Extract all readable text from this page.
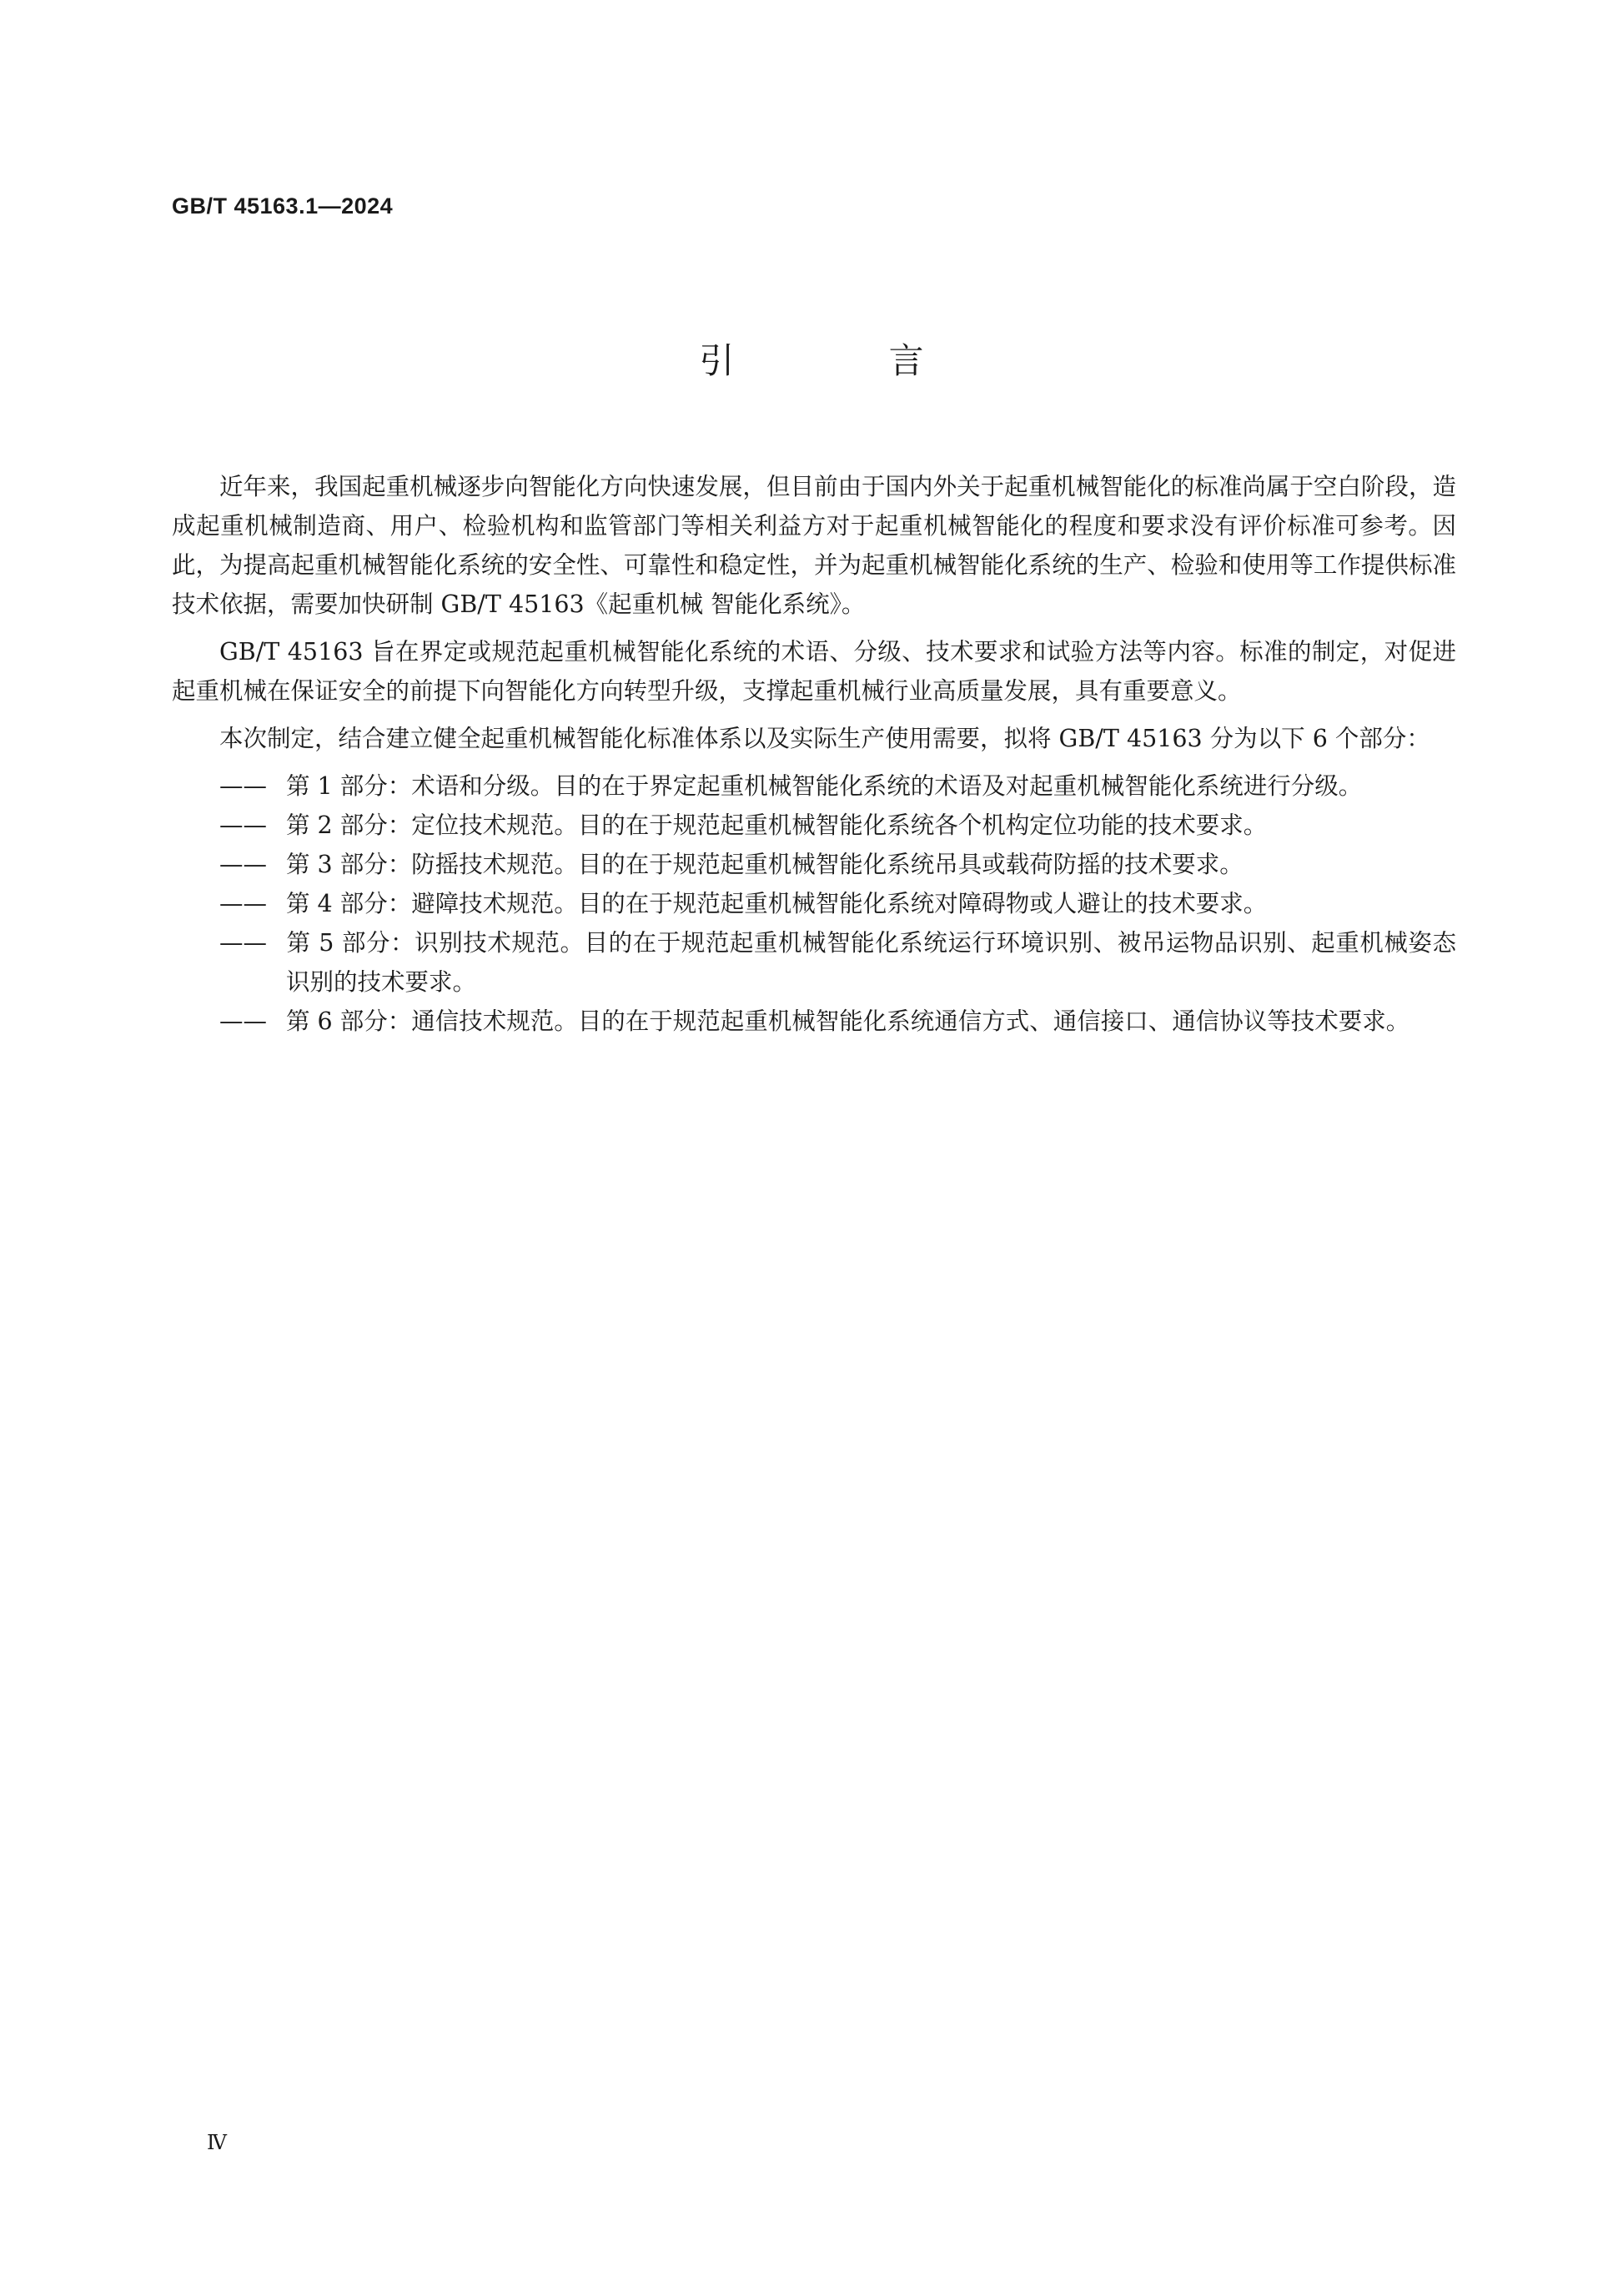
GB/T 45163.1—2024
引 言

近年来，我国起重机械逐步向智能化方向快速发展，但目前由于国内外关于起重机械智能化的标准尚属于空白阶段，造成起重机械制造商、用户、检验机构和监管部门等相关利益方对于起重机械智能化的程度和要求没有评价标准可参考。因此，为提高起重机械智能化系统的安全性、可靠性和稳定性，并为起重机械智能化系统的生产、检验和使用等工作提供标准技术依据，需要加快研制 GB/T 45163《起重机械 智能化系统》。

GB/T 45163 旨在界定或规范起重机械智能化系统的术语、分级、技术要求和试验方法等内容。标准的制定，对促进起重机械在保证安全的前提下向智能化方向转型升级，支撑起重机械行业高质量发展，具有重要意义。

本次制定，结合建立健全起重机械智能化标准体系以及实际生产使用需要，拟将 GB/T 45163 分为以下 6 个部分：

—— 第 1 部分：术语和分级。目的在于界定起重机械智能化系统的术语及对起重机械智能化系统进行分级。

—— 第 2 部分：定位技术规范。目的在于规范起重机械智能化系统各个机构定位功能的技术要求。

—— 第 3 部分：防摇技术规范。目的在于规范起重机械智能化系统吊具或载荷防摇的技术要求。

—— 第 4 部分：避障技术规范。目的在于规范起重机械智能化系统对障碍物或人避让的技术要求。

—— 第 5 部分：识别技术规范。目的在于规范起重机械智能化系统运行环境识别、被吊运物品识别、起重机械姿态识别的技术要求。

—— 第 6 部分：通信技术规范。目的在于规范起重机械智能化系统通信方式、通信接口、通信协议等技术要求。

Ⅳ
